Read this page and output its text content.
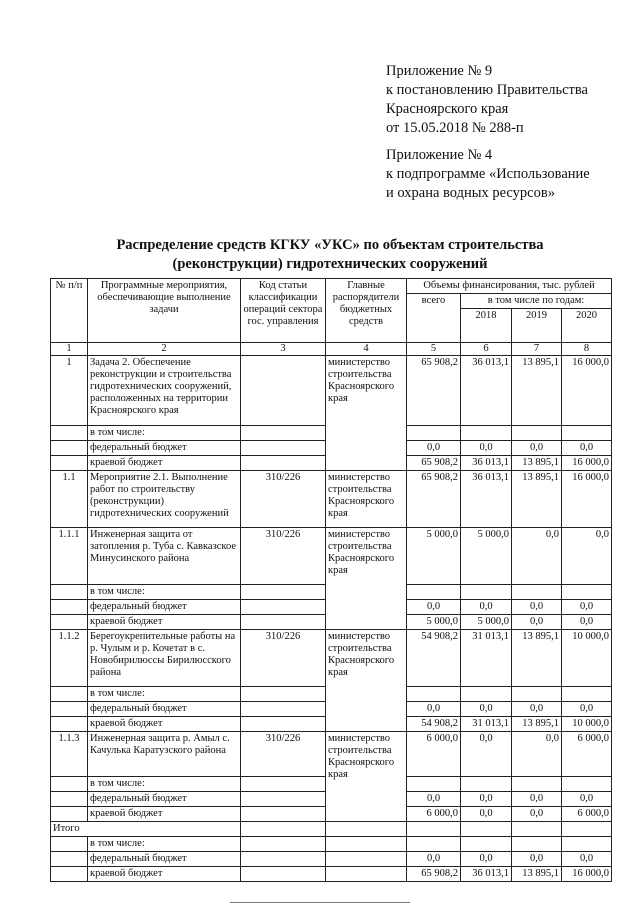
Приложение № 9
к постановлению Правительства
Красноярского края
от 15.05.2018 № 288-п
Приложение № 4
к подпрограмме «Использование
и охрана водных ресурсов»
Распределение средств КГКУ «УКС» по объектам строительства
(реконструкции) гидротехнических сооружений
№ п/п	Программные мероприятия, обеспечивающие выполнение задачи	Код статьи классификации операций сектора гос. управления	Главные распорядители бюджетных средств	Объемы финансирования, тыс. рублей			
				всего	в том числе по годам:		
					2018	2019	2020
1	2	3	4	5	6	7	8
1	Задача 2. Обеспечение реконструкции и строительства гидротехнических сооружений, расположенных на территории Красноярского края		министерство строительства Красноярского края	65 908,2	36 013,1	13 895,1	16 000,0
	в том числе:						
	федеральный бюджет			0,0	0,0	0,0	0,0
	краевой бюджет			65 908,2	36 013,1	13 895,1	16 000,0
1.1	Мероприятие 2.1. Выполнение работ по строительству (реконструкции) гидротехнических сооружений	310/226	министерство строительства Красноярского края	65 908,2	36 013,1	13 895,1	16 000,0
1.1.1	Инженерная защита от затопления р. Туба с. Кавказское Минусинского района	310/226	министерство строительства Красноярского края	5 000,0	5 000,0	0,0	0,0
	в том числе:						
	федеральный бюджет			0,0	0,0	0,0	0,0
	краевой бюджет			5 000,0	5 000,0	0,0	0,0
1.1.2	Берегоукрепительные работы на р. Чулым и р. Кочетат в с. Новобирилюссы Бирилюсского района	310/226	министерство строительства Красноярского края	54 908,2	31 013,1	13 895,1	10 000,0
	в том числе:						
	федеральный бюджет			0,0	0,0	0,0	0,0
	краевой бюджет			54 908,2	31 013,1	13 895,1	10 000,0
1.1.3	Инженерная защита р. Амыл с. Качулька Каратузского района	310/226	министерство строительства Красноярского края	6 000,0	0,0	0,0	6 000,0
	в том числе:						
	федеральный бюджет			0,0	0,0	0,0	0,0
	краевой бюджет			6 000,0	0,0	0,0	6 000,0
Итого							
	в том числе:						
	федеральный бюджет			0,0	0,0	0,0	0,0
	краевой бюджет			65 908,2	36 013,1	13 895,1	16 000,0
